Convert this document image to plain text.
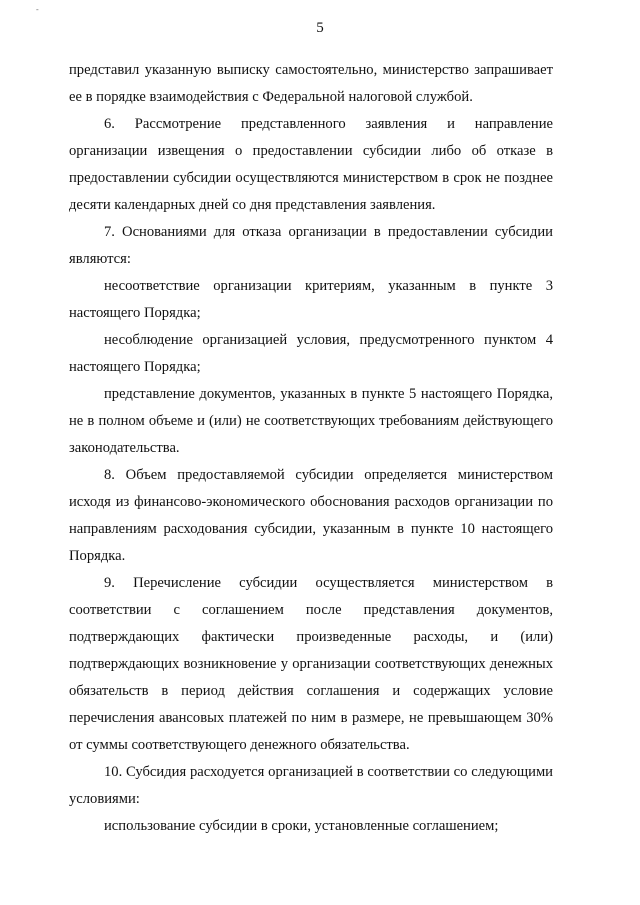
-
5

представил указанную выписку самостоятельно, министерство запрашивает ее в порядке взаимодействия с Федеральной налоговой службой.

6. Рассмотрение представленного заявления и направление организации извещения о предоставлении субсидии либо об отказе в предоставлении субсидии осуществляются министерством в срок не позднее десяти календарных дней со дня представления заявления.

7. Основаниями для отказа организации в предоставлении субсидии являются:

несоответствие организации критериям, указанным в пункте 3 настоящего Порядка;

несоблюдение организацией условия, предусмотренного пунктом 4 настоящего Порядка;

представление документов, указанных в пункте 5 настоящего Порядка, не в полном объеме и (или) не соответствующих требованиям действующего законодательства.

8. Объем предоставляемой субсидии определяется министерством исходя из финансово-экономического обоснования расходов организации по направлениям расходования субсидии, указанным в пункте 10 настоящего Порядка.

9. Перечисление субсидии осуществляется министерством в соответствии с соглашением после представления документов, подтверждающих фактически произведенные расходы, и (или) подтверждающих возникновение у организации соответствующих денежных обязательств в период действия соглашения и содержащих условие перечисления авансовых платежей по ним в размере, не превышающем 30% от суммы соответствующего денежного обязательства.

10. Субсидия расходуется организацией в соответствии со следующими условиями:

использование субсидии в сроки, установленные соглашением;
